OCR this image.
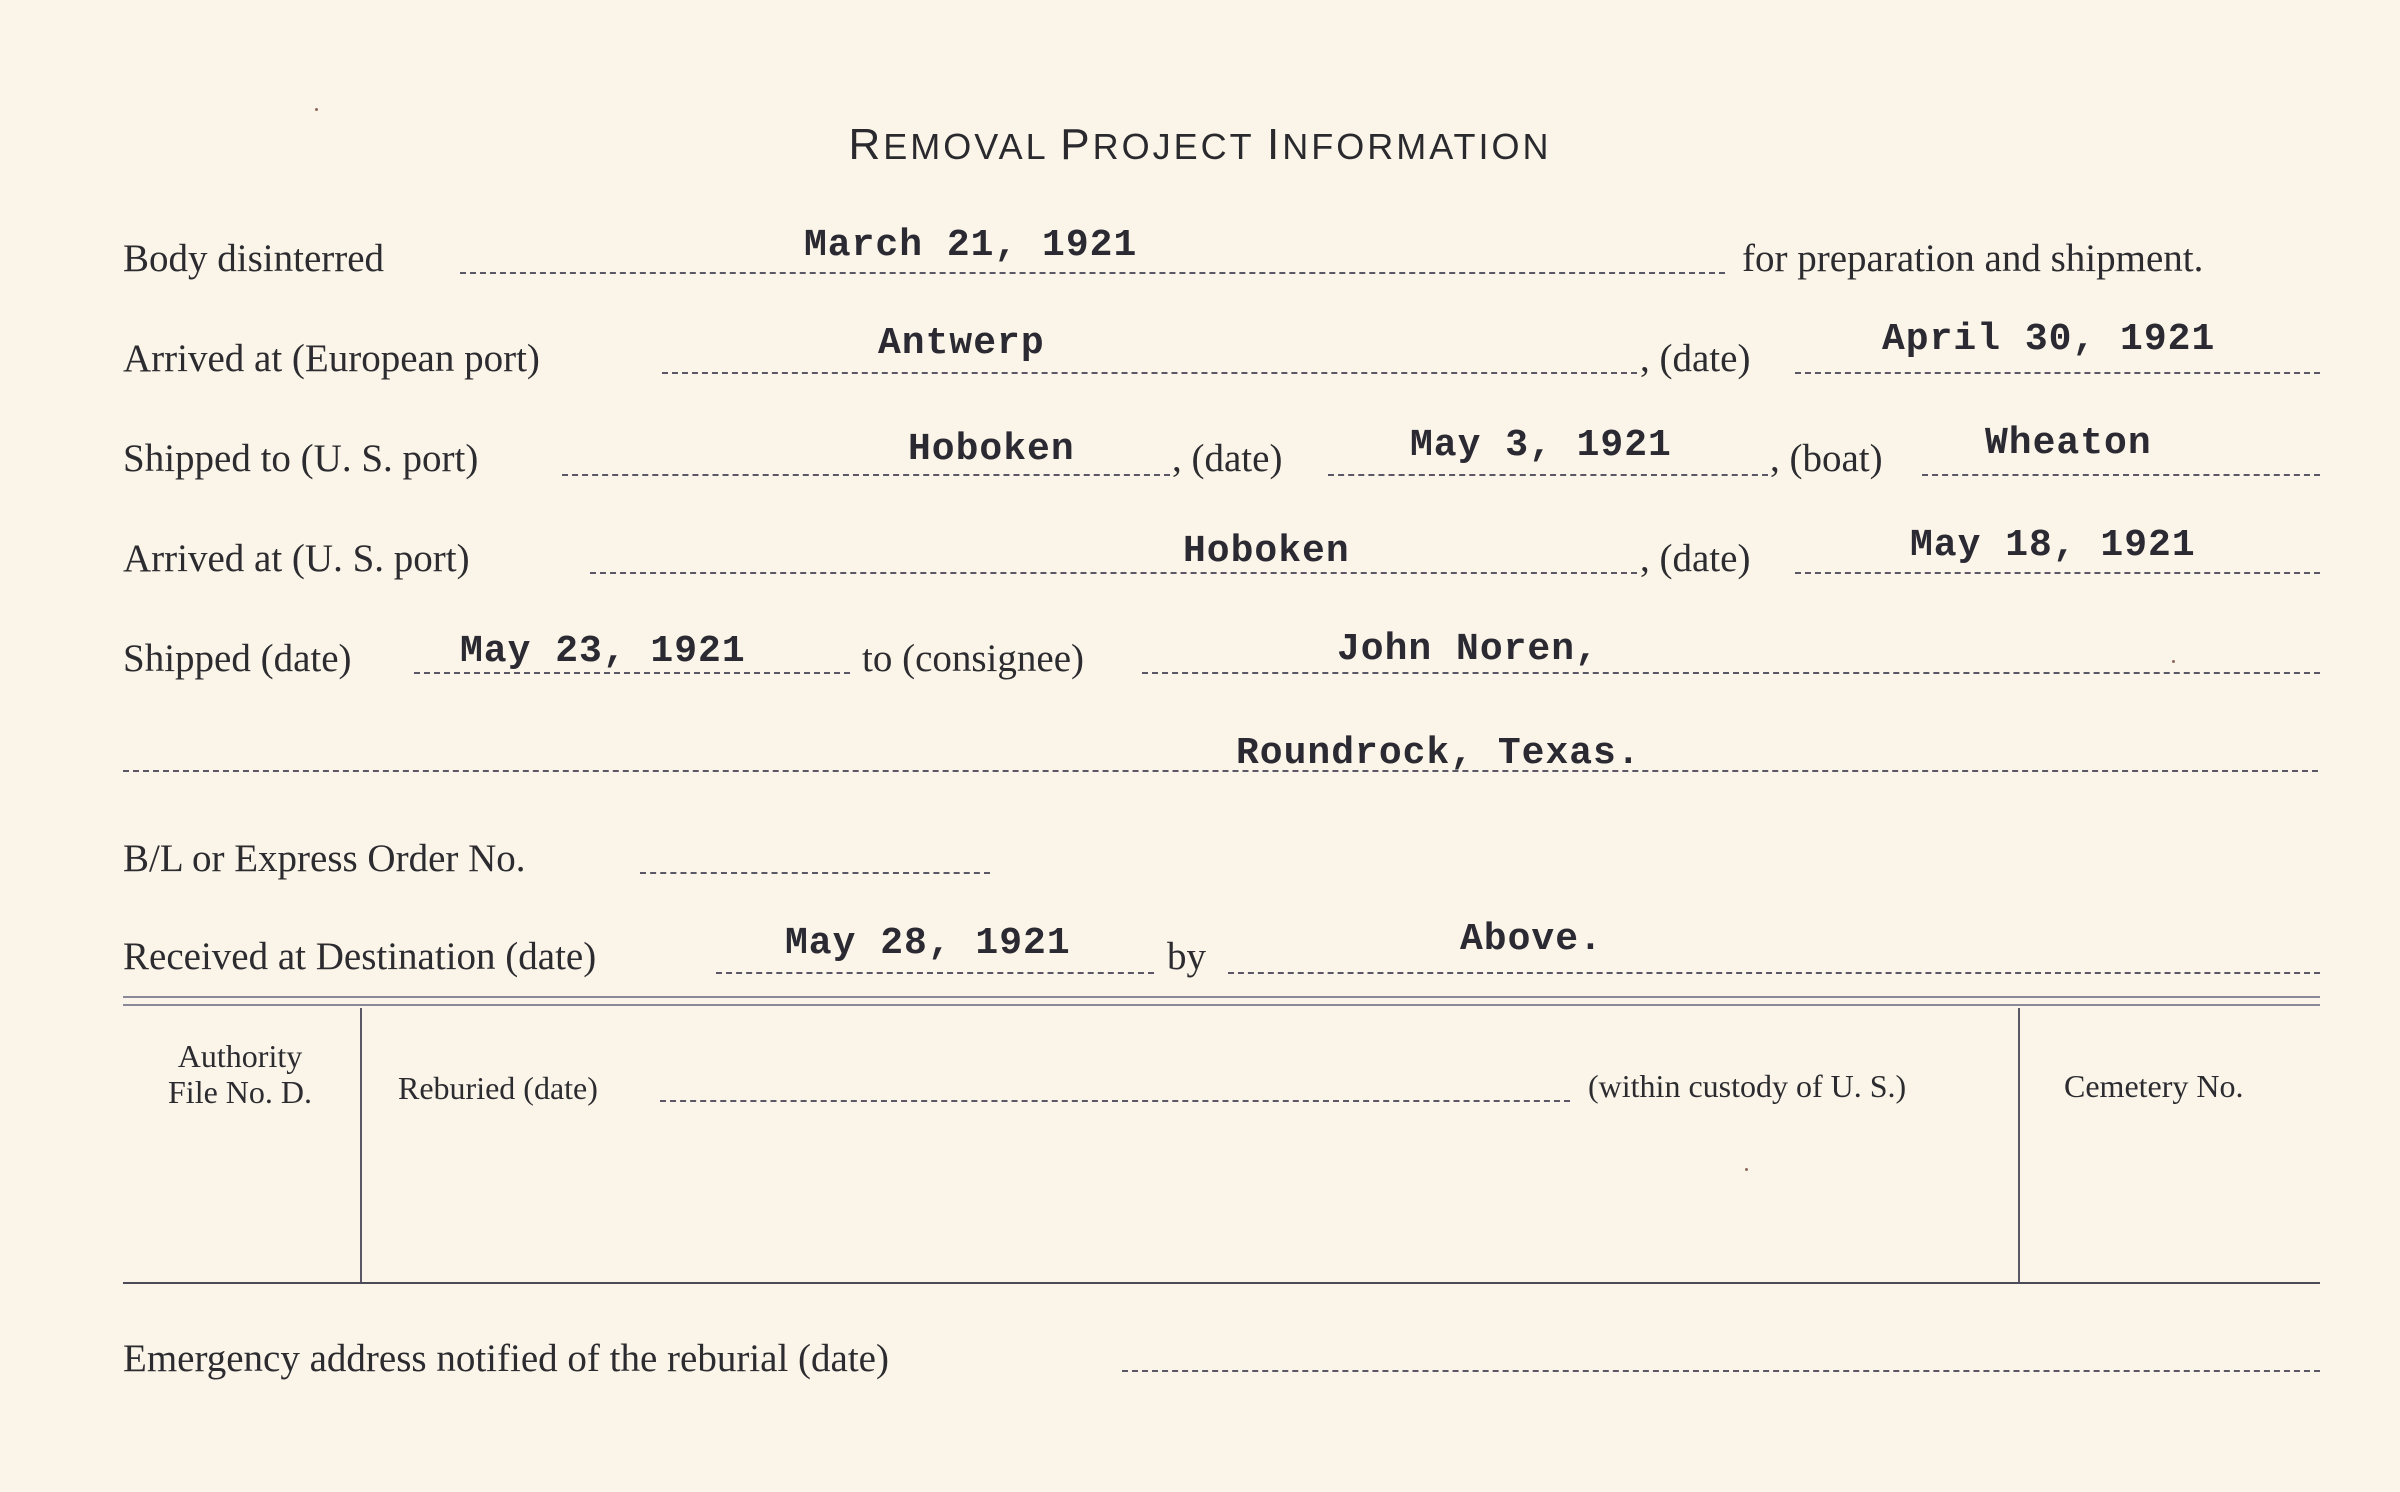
REMOVAL PROJECT INFORMATION
Body disinterred	March 21, 1921	for preparation and shipment.
Arrived at (European port)	Antwerp	, (date)	April 30, 1921
Shipped to (U. S. port)	Hoboken , (date)	May 3, 1921	, (boat)	Wheaton
Arrived at (U. S. port)	Hoboken	, (date)	May 18, 1921
Shipped (date)	May 23, 1921	to (consignee)	John Noren,
Roundrock, Texas.
B/L or Express Order No.
Received at Destination (date)	May 28, 1921 by	Above.
Authority
File No. D.	Reburied (date)	(within custody of U. S.)	Cemetery No.
Emergency address notified of the reburial (date)
